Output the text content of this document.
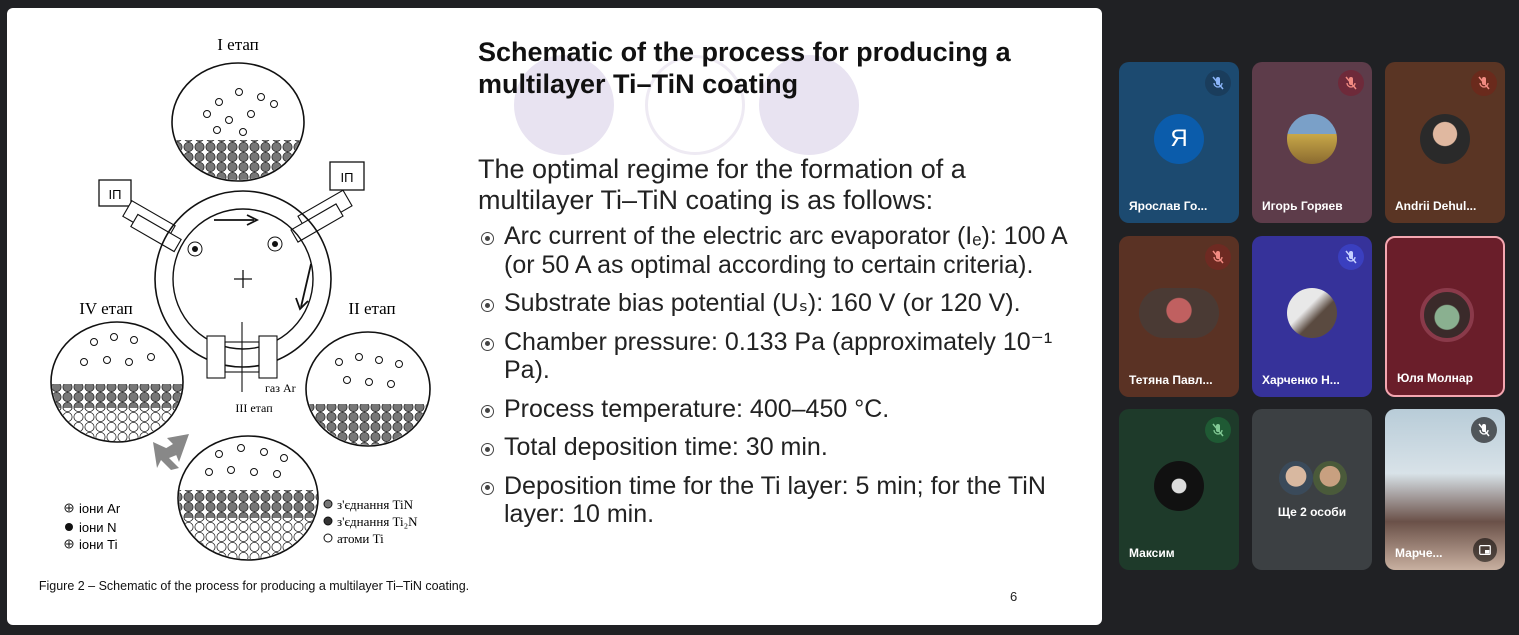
I етап
IV етап	II етап
III етап
ІП
ІП
газ Ar
іони Ar
іони N
іони Ti
з'єднання TiN
з'єднання Ti₂N
атоми Ti
Figure 2 – Schematic of the process for producing a multilayer Ti–TiN coating.
Schematic of the process for producing a multilayer Ti–TiN coating
The optimal regime for the formation of a multilayer Ti–TiN coating is as follows:
Arc current of the electric arc evaporator (Iₑ): 100 A (or 50 A as optimal according to certain criteria).
Substrate bias potential (Uₛ): 160 V (or 120 V).
Chamber pressure: 0.133 Pa (approximately 10⁻¹ Pa).
Process temperature: 400–450 °C.
Total deposition time: 30 min.
Deposition time for the Ti layer: 5 min; for the TiN layer: 10 min.
6
Я
Ярослав Го...	Игорь Горяев	Andrii Dehul...
Тетяна Павл...	Харченко Н...	Юля Молнар
Максим
Ще 2 особи
Марче...
